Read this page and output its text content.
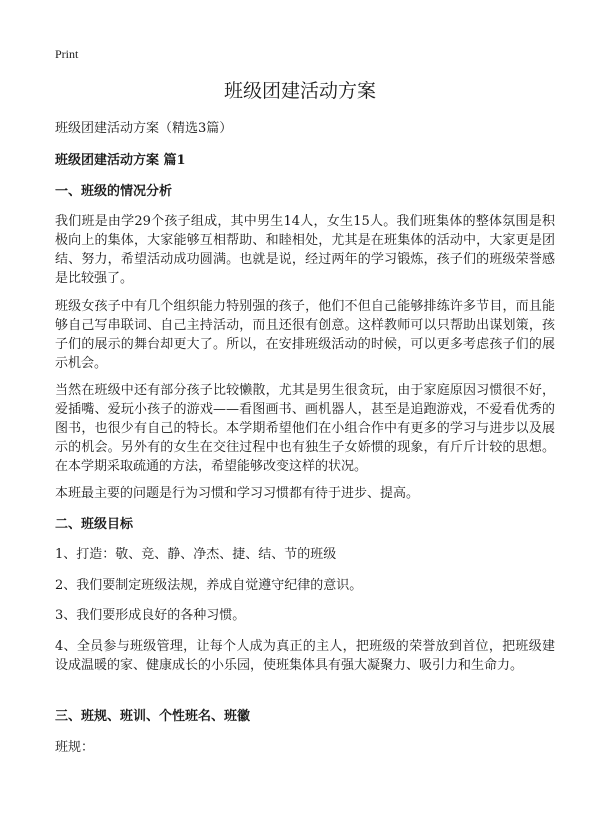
Print
班级团建活动方案
班级团建活动方案（精选3篇）
班级团建活动方案 篇1
一、班级的情况分析
我们班是由学29个孩子组成，其中男生14人，女生15人。我们班集体的整体氛围是积极向上的集体，大家能够互相帮助、和睦相处，尤其是在班集体的活动中，大家更是团结、努力，希望活动成功圆满。也就是说，经过两年的学习锻炼，孩子们的班级荣誉感是比较强了。
班级女孩子中有几个组织能力特别强的孩子，他们不但自己能够排练许多节目，而且能够自己写串联词、自己主持活动，而且还很有创意。这样教师可以只帮助出谋划策，孩子们的展示的舞台却更大了。所以，在安排班级活动的时候，可以更多考虑孩子们的展示机会。
当然在班级中还有部分孩子比较懒散，尤其是男生很贪玩，由于家庭原因习惯很不好，爱插嘴、爱玩小孩子的游戏——看图画书、画机器人，甚至是追跑游戏，不爱看优秀的图书，也很少有自己的特长。本学期希望他们在小组合作中有更多的学习与进步以及展示的机会。另外有的女生在交往过程中也有独生子女娇惯的现象，有斤斤计较的思想。在本学期采取疏通的方法，希望能够改变这样的状况。
本班最主要的问题是行为习惯和学习习惯都有待于进步、提高。
二、班级目标
1、打造：敬、竞、静、净杰、捷、结、节的班级
2、我们要制定班级法规，养成自觉遵守纪律的意识。
3、我们要形成良好的各种习惯。
4、全员参与班级管理，让每个人成为真正的主人，把班级的荣誉放到首位，把班级建设成温暖的家、健康成长的小乐园，使班集体具有强大凝聚力、吸引力和生命力。
三、班规、班训、个性班名、班徽
班规：
